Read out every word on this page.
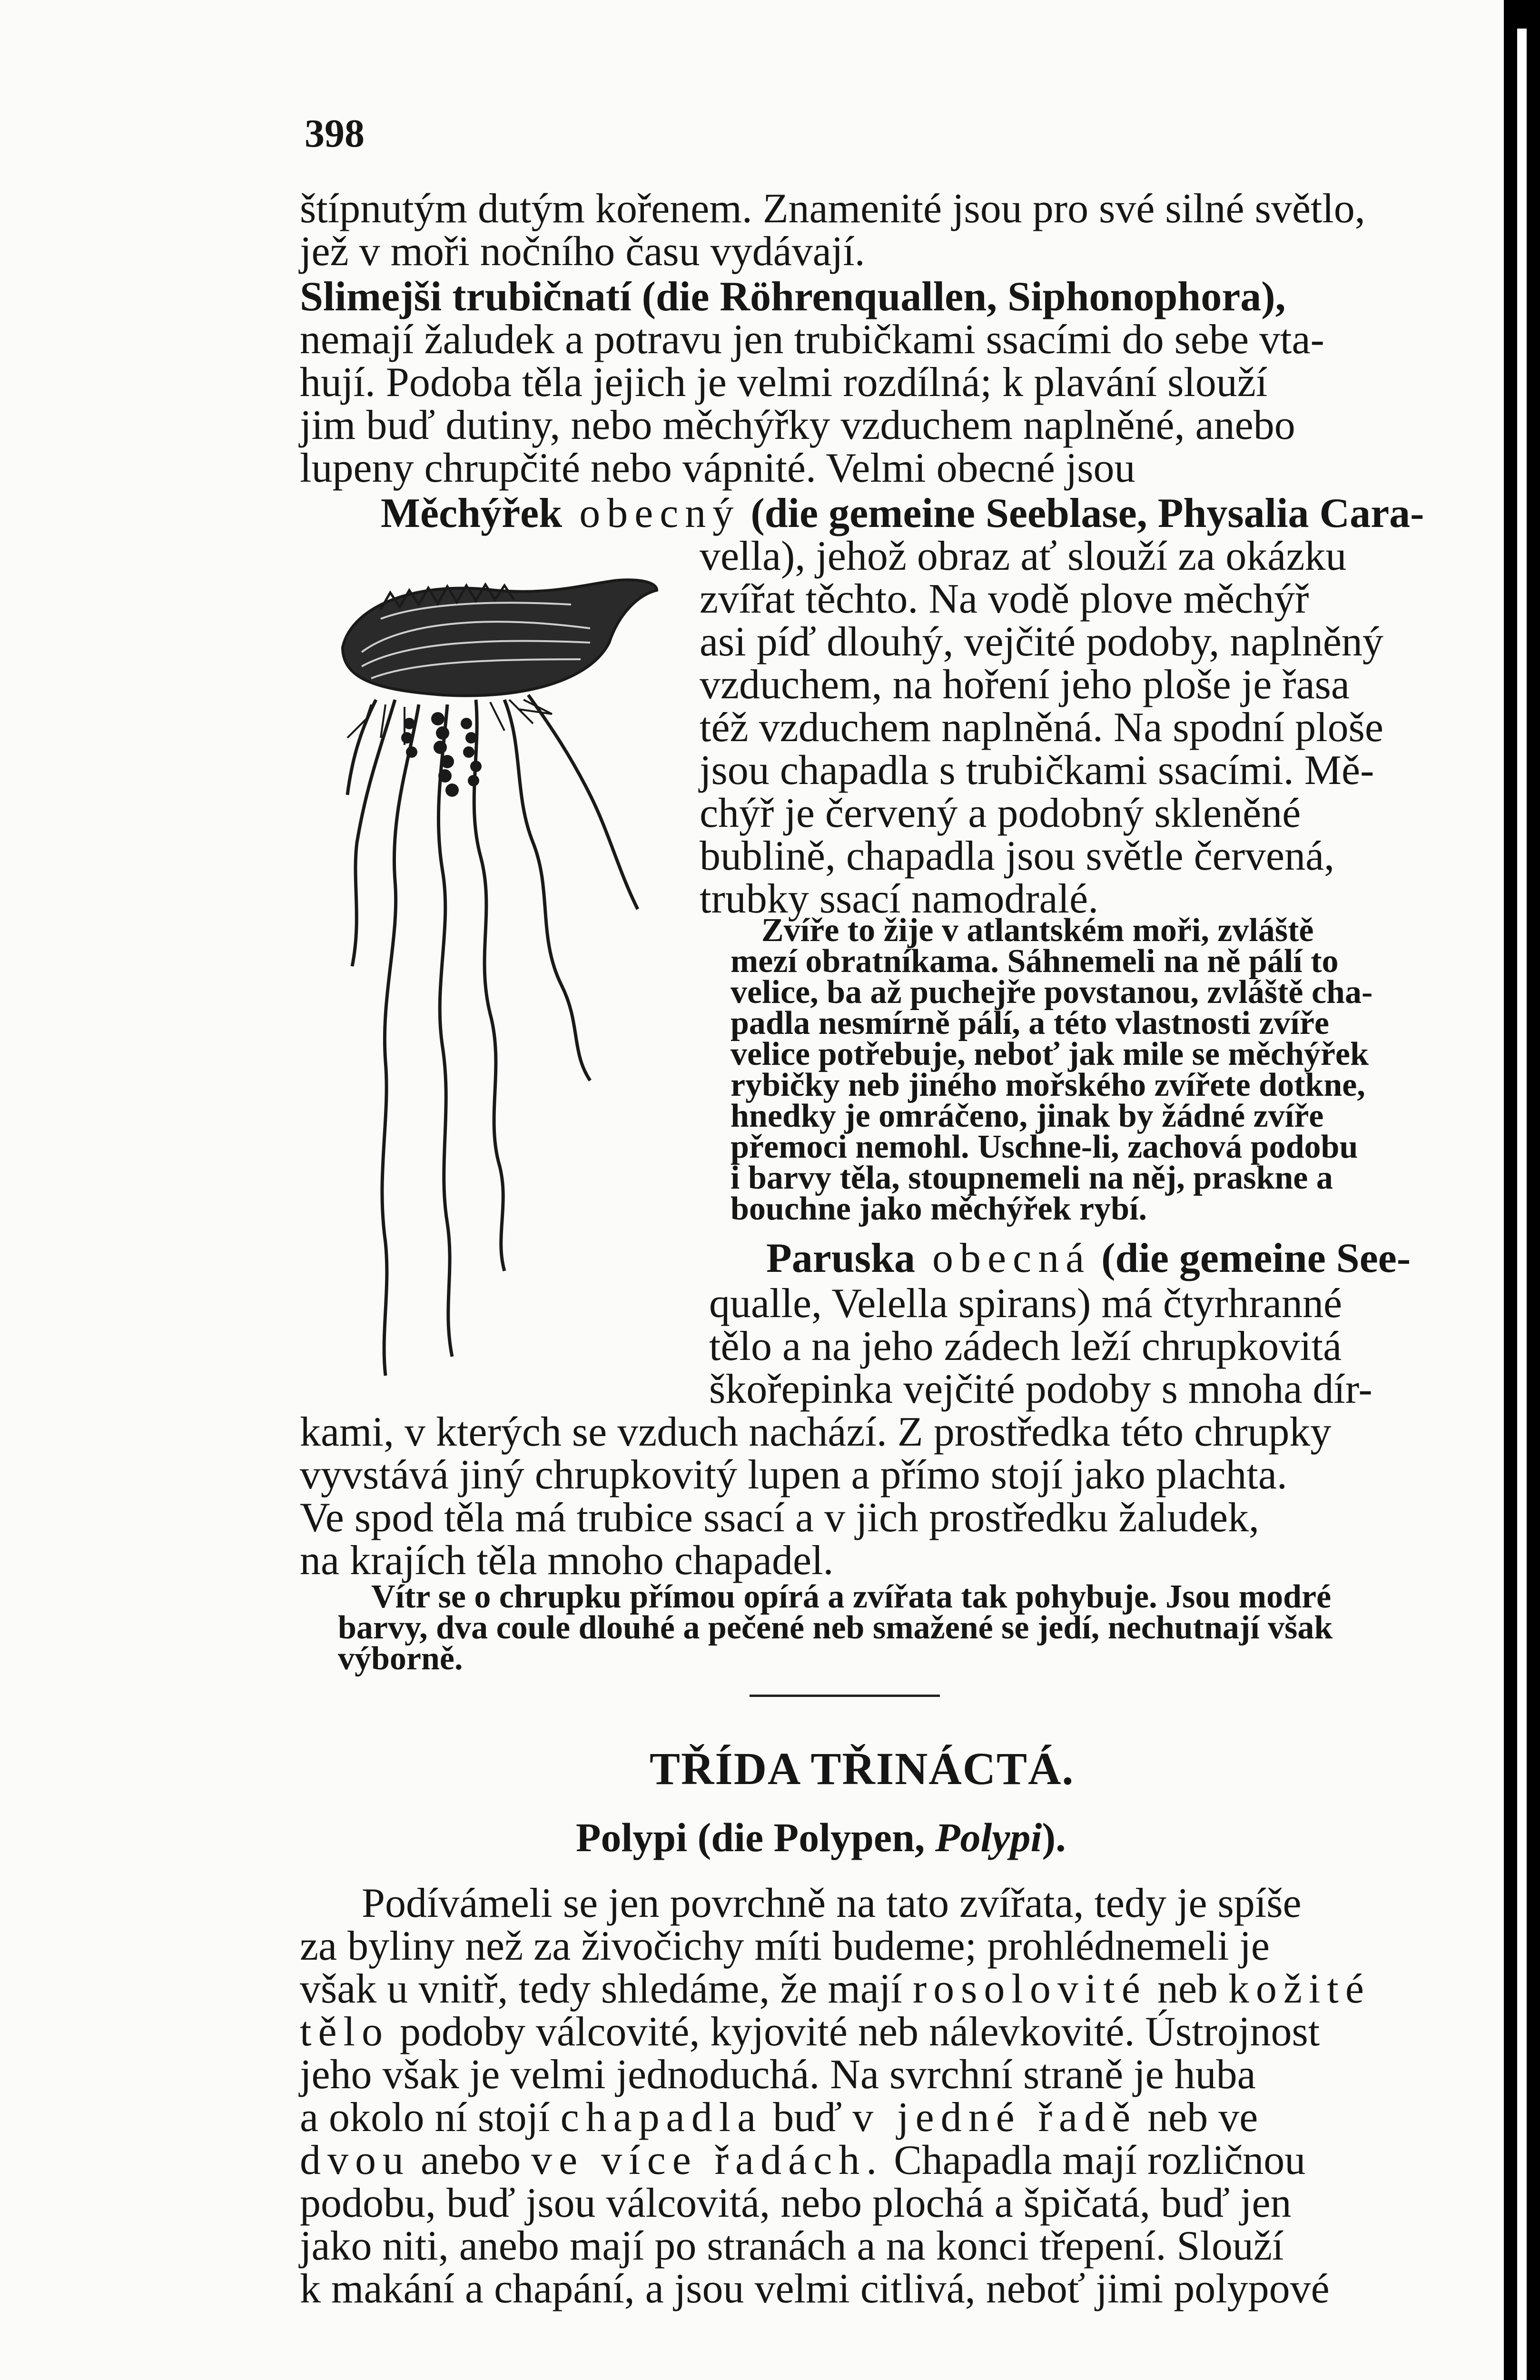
398
štípnutým dutým kořenem. Znamenité jsou pro své silné světlo,
jež v moři nočního času vydávají.
Slimejši trubičnatí (die Röhrenquallen, Siphonophora),
nemají žaludek a potravu jen trubičkami ssacími do sebe vta-
hují. Podoba těla jejich je velmi rozdílná; k plavání slouží
jim buď dutiny, nebo měchýřky vzduchem naplněné, anebo
lupeny chrupčité nebo vápnité. Velmi obecné jsou
Měchýřek obecný (die gemeine Seeblase, Physalia Cara-
vella), jehož obraz ať slouží za okázku
zvířat těchto. Na vodě plove měchýř
asi píď dlouhý, vejčité podoby, naplněný
vzduchem, na hoření jeho ploše je řasa
též vzduchem naplněná. Na spodní ploše
jsou chapadla s trubičkami ssacími. Mě-
chýř je červený a podobný skleněné
bublině, chapadla jsou světle červená,
trubky ssací namodralé.
Zvíře to žije v atlantském moři, zvláště
mezí obratníkama. Sáhnemeli na ně pálí to
velice, ba až puchejře povstanou, zvláště cha-
padla nesmírně pálí, a této vlastnosti zvíře
velice potřebuje, neboť jak mile se měchýřek
rybičky neb jiného mořského zvířete dotkne,
hnedky je omráčeno, jinak by žádné zvíře
přemoci nemohl. Uschne-li, zachová podobu
i barvy těla, stoupnemeli na něj, praskne a
bouchne jako měchýřek rybí.
Paruska obecná (die gemeine See-
qualle, Velella spirans) má čtyrhranné
tělo a na jeho zádech leží chrupkovitá
škořepinka vejčité podoby s mnoha dír-
kami, v kterých se vzduch nachází. Z prostředka této chrupky
vyvstává jiný chrupkovitý lupen a přímo stojí jako plachta.
Ve spod těla má trubice ssací a v jich prostředku žaludek,
na krajích těla mnoho chapadel.
Vítr se o chrupku přímou opírá a zvířata tak pohybuje. Jsou modré
barvy, dva coule dlouhé a pečené neb smažené se jedí, nechutnají však
výborně.
TŘÍDA TŘINÁCTÁ.
Polypi (die Polypen, Polypi).
Podívámeli se jen povrchně na tato zvířata, tedy je spíše
za byliny než za živočichy míti budeme; prohlédnemeli je
však u vnitř, tedy shledáme, že mají rosolovité neb kožité
tělo podoby válcovité, kyjovité neb nálevkovité. Ústrojnost
jeho však je velmi jednoduchá. Na svrchní straně je huba
a okolo ní stojí chapadla buď v jedné řadě neb ve
dvou anebo ve více řadách. Chapadla mají rozličnou
podobu, buď jsou válcovitá, nebo plochá a špičatá, buď jen
jako niti, anebo mají po stranách a na konci třepení. Slouží
k makání a chapání, a jsou velmi citlivá, neboť jimi polypové
